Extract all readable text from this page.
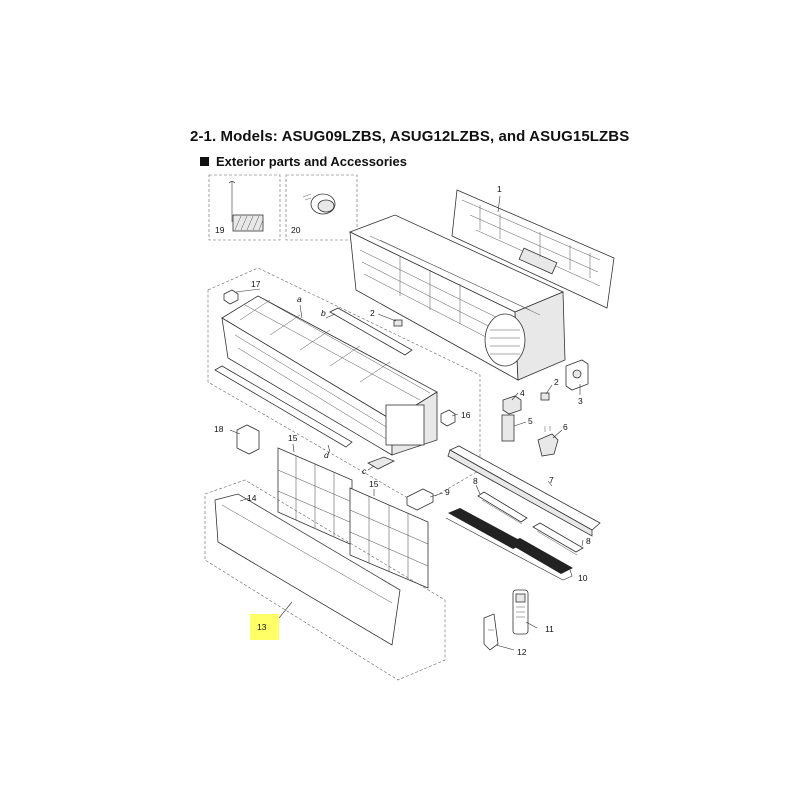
2-1. Models: ASUG09LZBS, ASUG12LZBS, and ASUG15LZBS
Exterior parts and Accessories
1
2
2
3
4
5
6
7
8
8
9
10
11
12
14
15
15
16
17
18
19	20
a
b
c
d
13
